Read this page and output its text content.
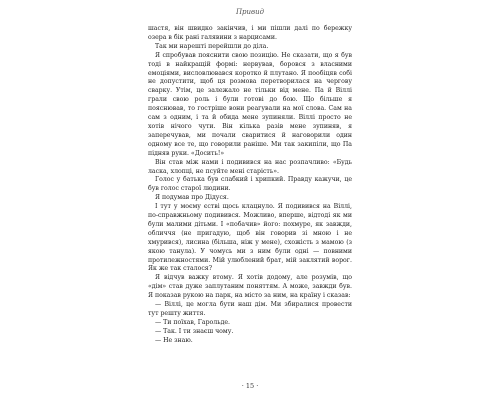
Привид

шастя, він швидко закінчив, і ми пішли далі по бережку озера в бік рані галявини з нарцисами.

Так ми нарешті перейшли до діла.

Я спробував пояснити свою позицію. Не сказати, що я був тоді в найкращій формі: нервував, боровся з власними емоціями, висловлювався коротко й плутано. Я пообіцяв собі не допустити, щоб ця розмова перетворилася на чергову сварку. Утім, це залежало не тільки від мене. Па й Віллі грали свою роль і були готові до бою. Що більше я пояснював, то гостріше вони реагували на мої слова. Сам на сам з одним, і та й обида мене зупиняли. Віллі просто не хотів нічого чути. Він кілька разів мене зупиняв, я заперечував, ми почали сваритися й наговорили один одному все те, що говорили раніше. Ми так закипіли, що Па підняв руки. «Досить!»

Він став між нами і подивився на нас розпачливо: «Будь ласка, хлопці, не псуйте мені старість».

Голос у батька був слабкий і хрипкий. Правду кажучи, це був голос старої людини.

Я подумав про Дідуся.

І тут у моєму єстві щось клацнуло. Я подивився на Віллі, по-справжньому подивився. Можливо, вперше, відтоді як ми були малими дітьми. І «побачив» його: похмуре, як завжди, обличчя (не пригадую, щоб він говорив зі мною і не хмурився), лисина (більша, ніж у мене), схожість з мамою (з якою танула). У чомусь ми з ним були одні — повними протилежностями. Мій улюблений брат, мій заклятий ворог. Як же так сталося?

Я відчув важку втому. Я хотів додому, але розумів, що «дім» став дуже заплутаним поняттям. А може, завжди був. Я показав рукою на парк, на місто за ним, на країну і сказав:

— Віллі, це могла бути наш дім. Ми збиралися провести тут решту життя.

— Ти поїхав, Гарольде.

— Так. І ти знаєш чому.

— Не знаю.

· 15 ·
